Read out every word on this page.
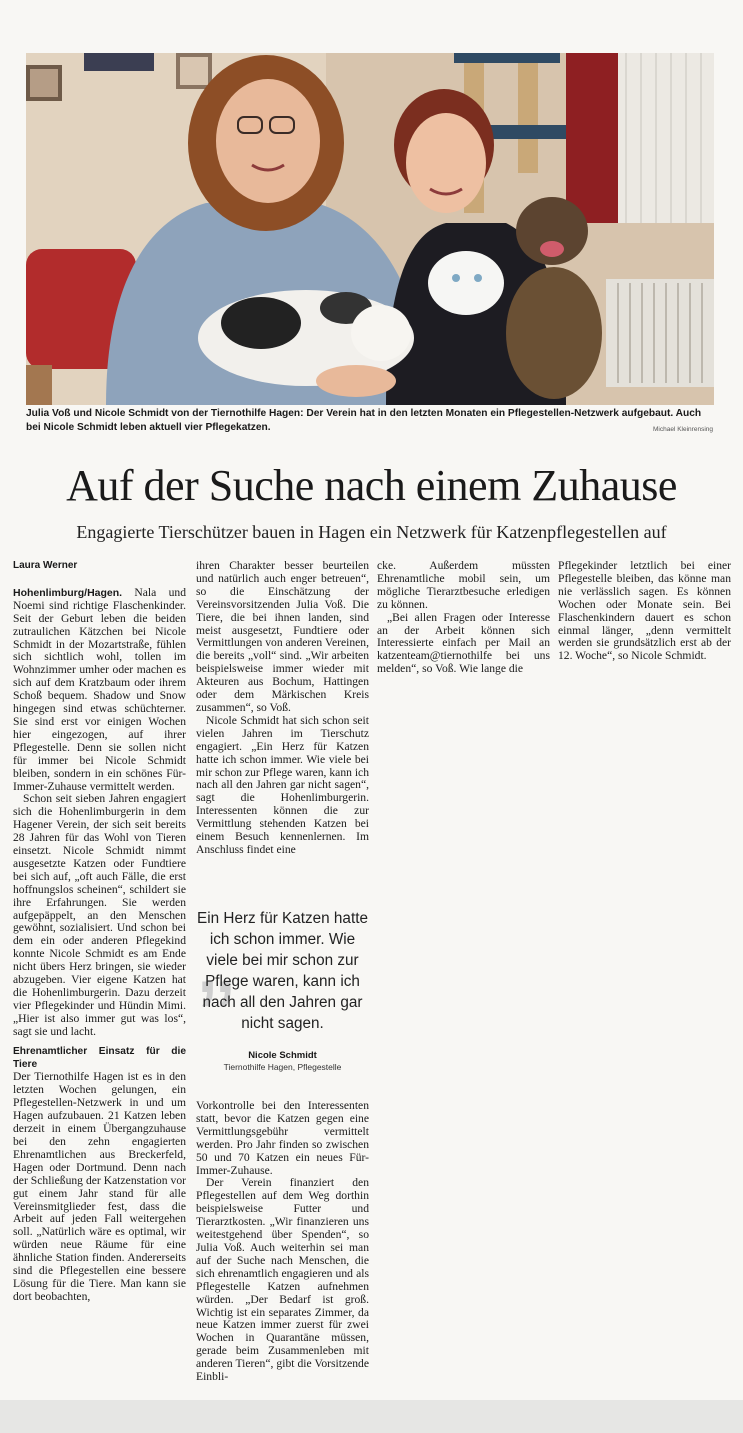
Julia Voß und Nicole Schmidt von der Tiernothilfe Hagen: Der Verein hat in den letzten Monaten ein Pflegestellen-Netzwerk aufgebaut. Auch bei Nicole Schmidt leben aktuell vier Pflegekatzen.	Michael Kleinrensing
Auf der Suche nach einem Zuhause
Engagierte Tierschützer bauen in Hagen ein Netzwerk für Katzenpflegestellen auf
Laura Werner

Hohenlimburg/Hagen. Nala und Noemi sind richtige Flaschenkinder. Seit der Geburt leben die beiden zutraulichen Kätzchen bei Nicole Schmidt in der Mozartstraße, fühlen sich sichtlich wohl, tollen im Wohnzimmer umher oder machen es sich auf dem Kratzbaum oder ihrem Schoß bequem. Shadow und Snow hingegen sind etwas schüchterner. Sie sind erst vor einigen Wochen hier eingezogen, auf ihrer Pflegestelle. Denn sie sollen nicht für immer bei Nicole Schmidt bleiben, sondern in ein schönes Für-Immer-Zuhause vermittelt werden.

Schon seit sieben Jahren engagiert sich die Hohenlimburgerin in dem Hagener Verein, der sich seit bereits 28 Jahren für das Wohl von Tieren einsetzt. Nicole Schmidt nimmt ausgesetzte Katzen oder Fundtiere bei sich auf, „oft auch Fälle, die erst hoffnungslos scheinen“, schildert sie ihre Erfahrungen. Sie werden aufgepäppelt, an den Menschen gewöhnt, sozialisiert. Und schon bei dem ein oder anderen Pflegekind konnte Nicole Schmidt es am Ende nicht übers Herz bringen, sie wieder abzugeben. Vier eigene Katzen hat die Hohenlimburgerin. Dazu derzeit vier Pflegekinder und Hündin Mimi. „Hier ist also immer gut was los“, sagt sie und lacht.

Ehrenamtlicher Einsatz für die Tiere

Der Tiernothilfe Hagen ist es in den letzten Wochen gelungen, ein Pflegestellen-Netzwerk in und um Hagen aufzubauen. 21 Katzen leben derzeit in einem Übergangzuhause bei den zehn engagierten Ehrenamtlichen aus Breckerfeld, Hagen oder Dortmund. Denn nach der Schließung der Katzenstation vor gut einem Jahr stand für alle Vereinsmitglieder fest, dass die Arbeit auf jeden Fall weitergehen soll. „Natürlich wäre es optimal, wir würden neue Räume für eine ähnliche Station finden. Andererseits sind die Pflegestellen eine bessere Lösung für die Tiere. Man kann sie dort beobachten,

ihren Charakter besser beurteilen und natürlich auch enger betreuen“, so die Einschätzung der Vereinsvorsitzenden Julia Voß. Die Tiere, die bei ihnen landen, sind meist ausgesetzt, Fundtiere oder Vermittlungen von anderen Vereinen, die bereits „voll“ sind. „Wir arbeiten beispielsweise immer wieder mit Akteuren aus Bochum, Hattingen oder dem Märkischen Kreis zusammen“, so Voß.

Nicole Schmidt hat sich schon seit vielen Jahren im Tierschutz engagiert. „Ein Herz für Katzen hatte ich schon immer. Wie viele bei mir schon zur Pflege waren, kann ich nach all den Jahren gar nicht sagen“, sagt die Hohenlimburgerin. Interessenten können die zur Vermittlung stehenden Katzen bei einem Besuch kennenlernen. Im Anschluss findet eine

„
Ein Herz für Katzen hatte ich schon immer. Wie viele bei mir schon zur Pflege waren, kann ich nach all den Jahren gar nicht sagen.
Nicole Schmidt
Tiernothilfe Hagen, Pflegestelle

Vorkontrolle bei den Interessenten statt, bevor die Katzen gegen eine Vermittlungsgebühr vermittelt werden. Pro Jahr finden so zwischen 50 und 70 Katzen ein neues Für-Immer-Zuhause.

Der Verein finanziert den Pflegestellen auf dem Weg dorthin beispielsweise Futter und Tierarztkosten. „Wir finanzieren uns weitestgehend über Spenden“, so Julia Voß. Auch weiterhin sei man auf der Suche nach Menschen, die sich ehrenamtlich engagieren und als Pflegestelle Katzen aufnehmen würden. „Der Bedarf ist groß. Wichtig ist ein separates Zimmer, da neue Katzen immer zuerst für zwei Wochen in Quarantäne müssen, gerade beim Zusammenleben mit anderen Tieren“, gibt die Vorsitzende Einbli-

cke. Außerdem müssten Ehrenamtliche mobil sein, um mögliche Tierarztbesuche erledigen zu können.

„Bei allen Fragen oder Interesse an der Arbeit können sich Interessierte einfach per Mail an katzenteam@tiernothilfe bei uns melden“, so Voß. Wie lange die

Pflegekinder letztlich bei einer Pflegestelle bleiben, das könne man nie verlässlich sagen. Es können Wochen oder Monate sein. Bei Flaschenkindern dauert es schon einmal länger, „denn vermittelt werden sie grundsätzlich erst ab der 12. Woche“, so Nicole Schmidt.
